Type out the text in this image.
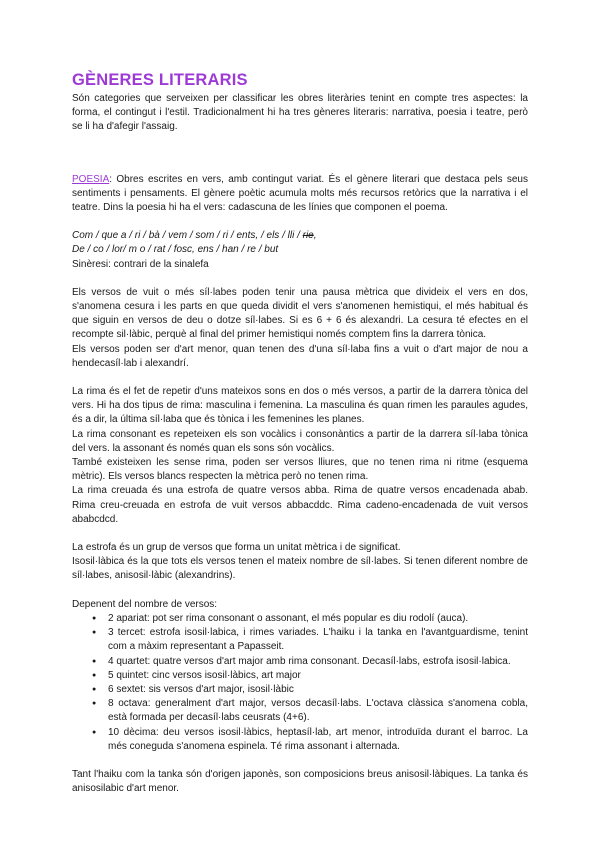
GÈNERES LITERARIS

Són categories que serveixen per classificar les obres literàries tenint en compte tres aspectes: la forma, el contingut i l'estil. Tradicionalment hi ha tres gèneres literaris: narrativa, poesia i teatre, però se li ha d'afegir l'assaig.

POESIA: Obres escrites en vers, amb contingut variat. És el gènere literari que destaca pels seus sentiments i pensaments. El gènere poètic acumula molts més recursos retòrics que la narrativa i el teatre. Dins la poesia hi ha el vers: cadascuna de les línies que componen el poema.

Com / que a / ri / bà / vem / som / ri / ents, / els / lli / rie,

De / co / lor/ m o / rat / fosc, ens / han / re / but

Sinèresi: contrari de la sinalefa

Els versos de vuit o més síl·labes poden tenir una pausa mètrica que divideix el vers en dos, s'anomena cesura i les parts en que queda dividit el vers s'anomenen hemistiqui, el més habitual és que siguin en versos de deu o dotze síl·labes. Si es 6 + 6 és alexandri. La cesura té efectes en el recompte sil·làbic, perquè al final del primer hemistiqui només comptem fins la darrera tònica.

Els versos poden ser d'art menor, quan tenen des d'una síl·laba fins a vuit o d'art major de nou a hendecasíl·lab i alexandrí.

La rima és el fet de repetir d'uns mateixos sons en dos o més versos, a partir de la darrera tònica del vers. Hi ha dos tipus de rima: masculina i femenina. La masculina és quan rimen les paraules agudes, és a dir, la última síl·laba que és tònica i les femenines les planes.

La rima consonant es repeteixen els son vocàlics i consonàntics a partir de la darrera síl·laba tònica del vers. la assonant és només quan els sons són vocàlics.

També existeixen les sense rima, poden ser versos lliures, que no tenen rima ni ritme (esquema mètric). Els versos blancs respecten la mètrica però no tenen rima.

La rima creuada és una estrofa de quatre versos abba. Rima de quatre versos encadenada abab. Rima creu-creuada en estrofa de vuit versos abbacddc. Rima cadeno-encadenada de vuit versos ababcdcd.

La estrofa és un grup de versos que forma un unitat mètrica i de significat.

Isosil·làbica és la que tots els versos tenen el mateix nombre de síl·labes. Si tenen diferent nombre de síl·labes, anisosil·làbic (alexandrins).

Depenent del nombre de versos:

● 2 apariat: pot ser rima consonant o assonant, el més popular es diu rodolí (auca).
● 3 tercet: estrofa isosil·labica, i rimes variades. L'haiku i la tanka en l'avantguardisme, tenint com a màxim representant a Papasseit.
● 4 quartet: quatre versos d'art major amb rima consonant. Decasíl·labs, estrofa isosil·labica.
● 5 quintet: cinc versos isosil·làbics, art major
● 6 sextet: sis versos d'art major, isosil·làbic
● 8 octava: generalment d'art major, versos decasíl·labs. L'octava clàssica s'anomena cobla, està formada per decasíl·labs ceusrats (4+6).
● 10 dècima: deu versos isosil·làbics, heptasíl·lab, art menor, introduïda durant el barroc. La més coneguda s'anomena espinela. Té rima assonant i alternada.

Tant l'haiku com la tanka són d'origen japonès, son composicions breus anisosil·làbiques. La tanka és anisosilabic d'art menor.
